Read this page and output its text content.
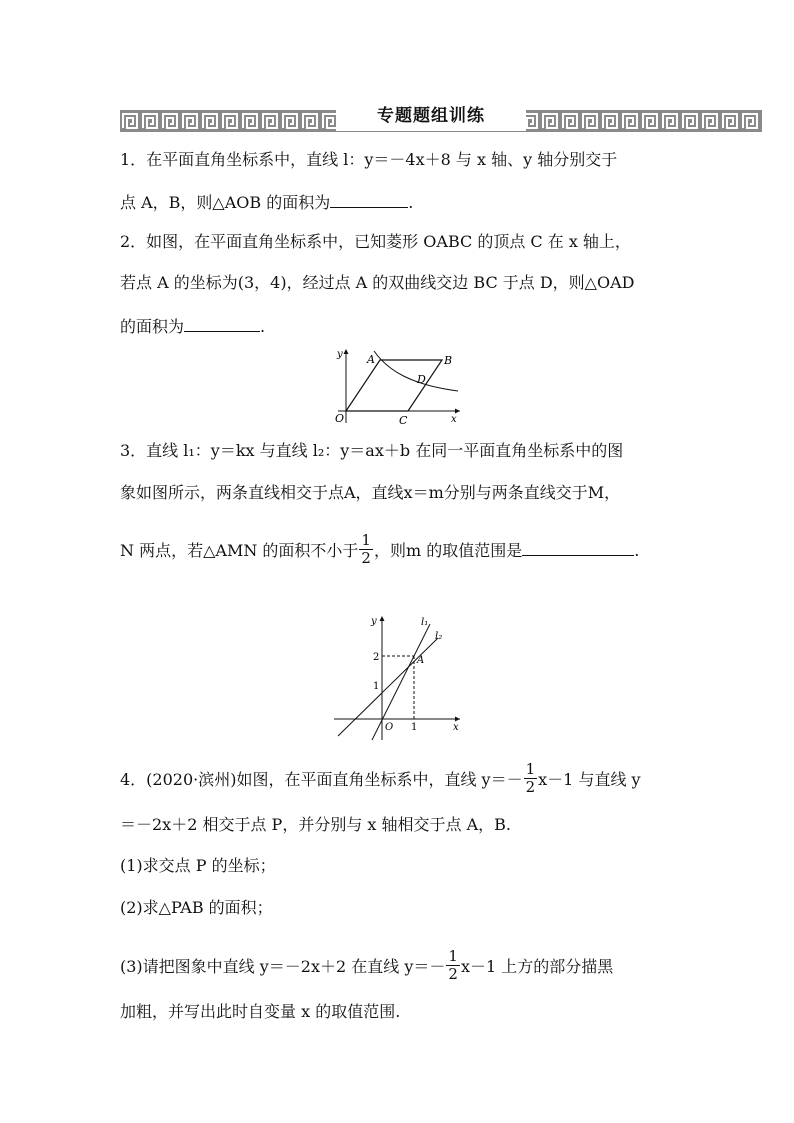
专题题组训练
1．在平面直角坐标系中，直线 l：y＝－4x＋8 与 x 轴、y 轴分别交于
点 A，B，则△AOB 的面积为	.
2．如图，在平面直角坐标系中，已知菱形 OABC 的顶点 C 在 x 轴上，
若点 A 的坐标为(3，4)，经过点 A 的双曲线交边 BC 于点 D，则△OAD
的面积为	.
y
x
O
A	B
C
D
3．直线 l₁：y＝kx 与直线 l₂：y＝ax＋b 在同一平面直角坐标系中的图
象如图所示，两条直线相交于点A，直线x＝m分别与两条直线交于M，
N 两点，若△AMN 的面积不小于 $\frac{1}{2}$ ，则m 的取值范围是	.
y
x
O
A
l₁
l₂
2
1
1
4．(2020·滨州)如图，在平面直角坐标系中，直线 $y=- \frac{1}{2} x-1$ 与直线 y
＝－2x＋2 相交于点 P，并分别与 x 轴相交于点 A，B.
(1)求交点 P 的坐标；
(2)求△PAB 的面积；
(3)请把图象中直线 y＝－2x＋2 在直线 $y=- \frac{1}{2} x-1$ 上方的部分描黑
加粗，并写出此时自变量 x 的取值范围.
